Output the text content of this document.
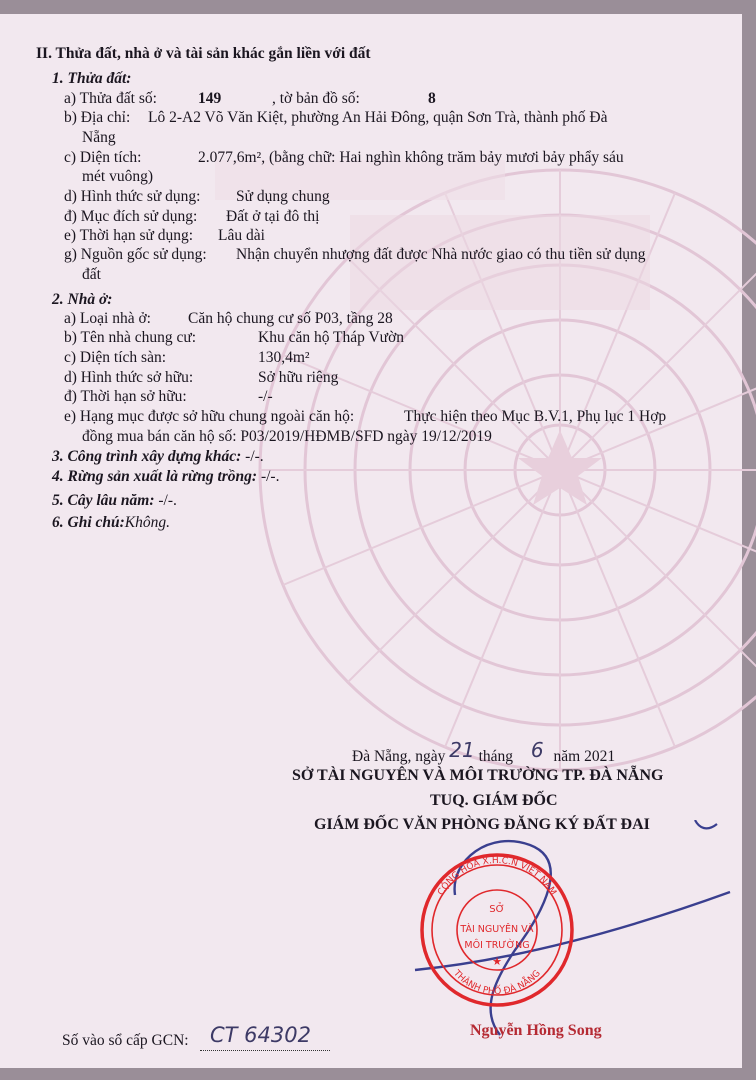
II. Thửa đất, nhà ở và tài sản khác gắn liền với đất
1. Thửa đất:
a) Thửa đất số:	149	, tờ bản đồ số:	8
b) Địa chỉ: Lô 2-A2 Võ Văn Kiệt, phường An Hải Đông, quận Sơn Trà, thành phố Đà
Nẵng
c) Diện tích:	2.077,6m², (bằng chữ: Hai nghìn không trăm bảy mươi bảy phẩy sáu
mét vuông)
d) Hình thức sử dụng: Sử dụng chung
đ) Mục đích sử dụng: Đất ở tại đô thị
e) Thời hạn sử dụng: Lâu dài
g) Nguồn gốc sử dụng: Nhận chuyển nhượng đất được Nhà nước giao có thu tiền sử dụng
đất
2. Nhà ở:
a) Loại nhà ở: Căn hộ chung cư số P03, tầng 28
b) Tên nhà chung cư:	Khu căn hộ Tháp Vườn
c) Diện tích sàn:	130,4m²
d) Hình thức sở hữu:	Sở hữu riêng
đ) Thời hạn sở hữu:	-/-
e) Hạng mục được sở hữu chung ngoài căn hộ:	Thực hiện theo Mục B.V.1, Phụ lục 1 Hợp
đồng mua bán căn hộ số: P03/2019/HĐMB/SFD ngày 19/12/2019
3. Công trình xây dựng khác: -/-.
4. Rừng sản xuất là rừng trồng: -/-.
5. Cây lâu năm: -/-.
6. Ghi chú:Không.
Đà Nẵng, ngày 21 tháng 6 năm 2021
SỞ TÀI NGUYÊN VÀ MÔI TRƯỜNG TP. ĐÀ NẴNG
TUQ. GIÁM ĐỐC
GIÁM ĐỐC VĂN PHÒNG ĐĂNG KÝ ĐẤT ĐAI
CỘNG HÒA X.H.C.N VIỆT NAM
THÀNH PHỐ ĐÀ NẴNG
SỞ
TÀI NGUYÊN VÀ
MÔI TRƯỜNG
★
Nguyễn Hồng Song
Số vào sổ cấp GCN: CT 64302
